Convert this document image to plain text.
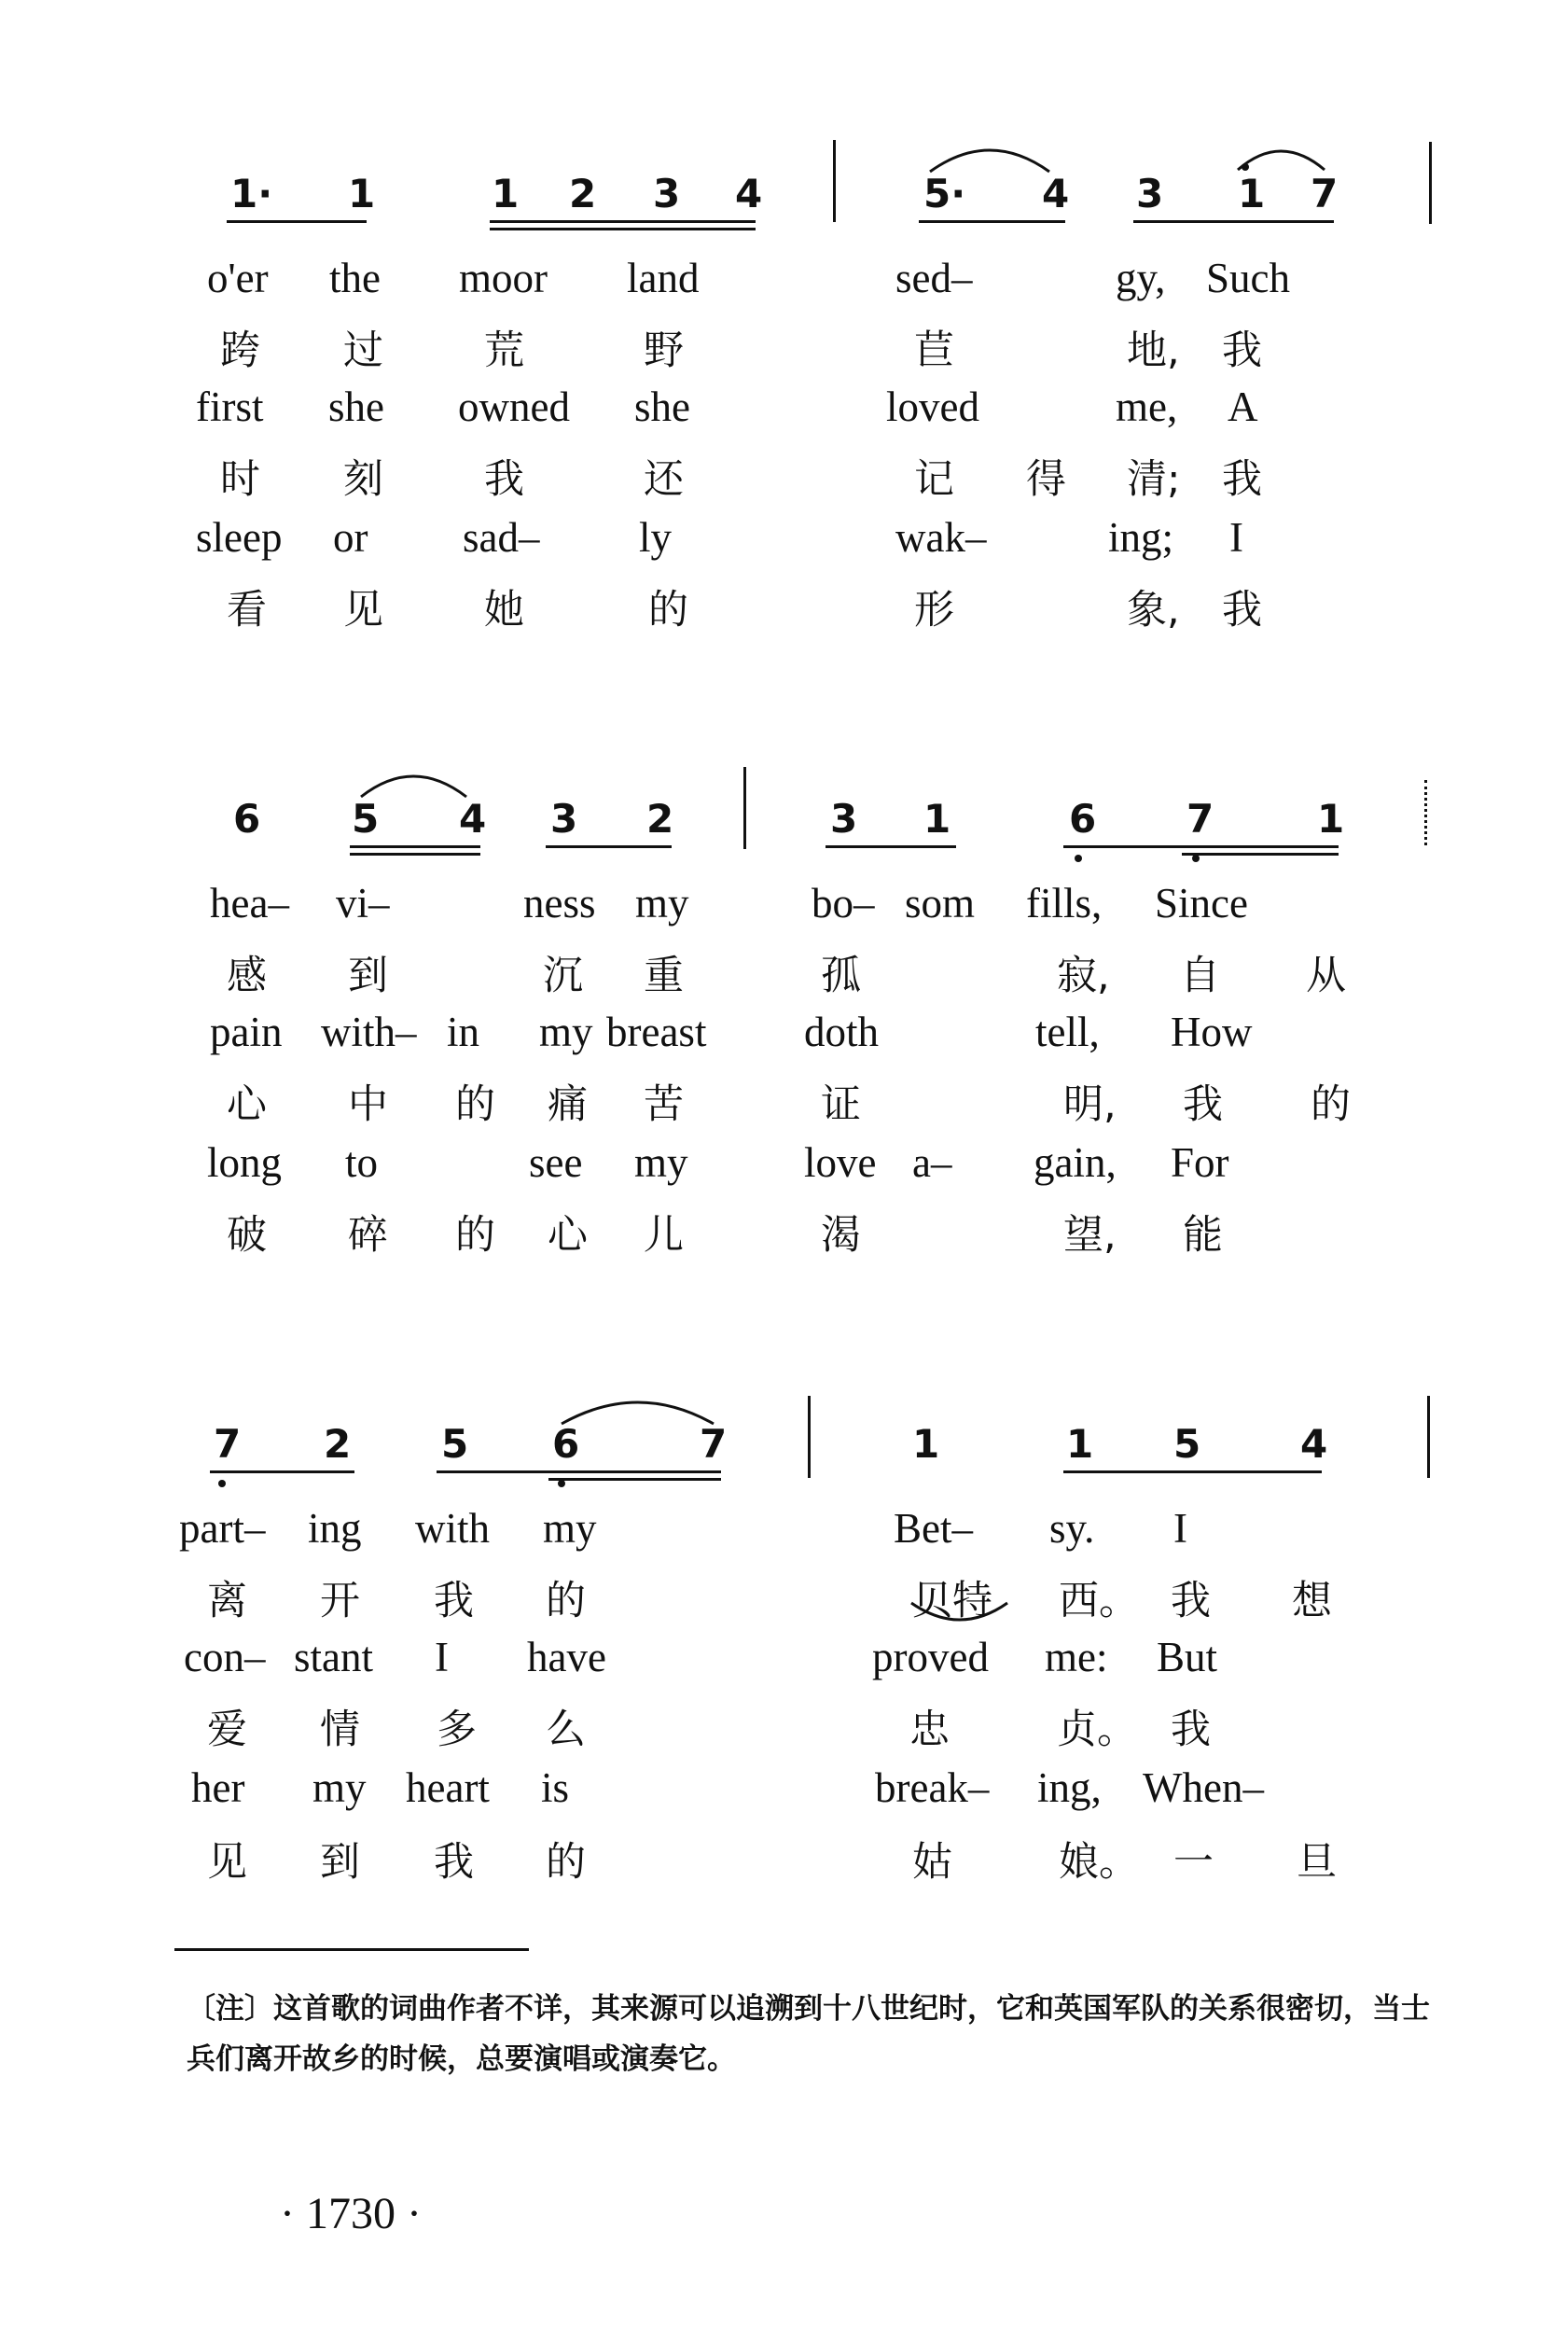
1· 1	1 2 3 4	5· 4 3 1 7
o'er the moor land	sed–	gy, Such
跨 过	荒	野	苣	地, 我
first she owned she	loved	me, A
时 刻	我	还	记 得 清; 我
sleep or sad– ly	wak–	ing; I
看 见	她	的	形	象, 我
6 5 4 3 2	3 1	6 7	1
hea– vi–	ness my	bo– som fills, Since
感 到	沉 重	孤	寂, 自 从
pain with– in my breast doth	tell, How
心 中 的 痛 苦	证	明, 我 的
long to	see my	love a– gain, For
破 碎 的 心 儿	渴	望, 能
7 2 5 6	7	1	1 5	4
part– ing with my	Bet– sy. I
离 开 我 的	贝特 西。 我 想
con– stant I have	proved me: But
爱 情 多 么	忠	贞。 我
her my heart is	break– ing, When–
见 到 我 的	姑	娘。 一 旦
〔注〕这首歌的词曲作者不详，其来源可以追溯到十八世纪时，它和英国军队的关系很密切，当士兵们离开故乡的时候，总要演唱或演奏它。
· 1730 ·
